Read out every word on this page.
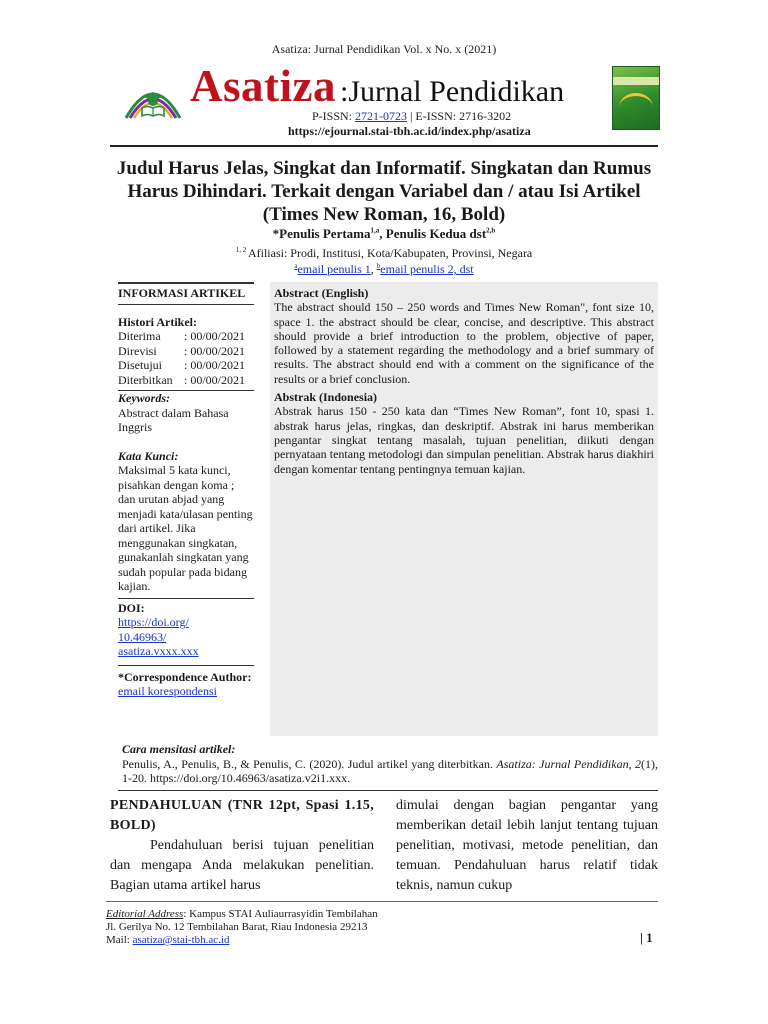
Asatiza: Jurnal Pendidikan Vol. x No. x (2021)
Asatiza :Jurnal Pendidikan
P-ISSN: 2721-0723 | E-ISSN: 2716-3202
https://ejournal.stai-tbh.ac.id/index.php/asatiza
Judul Harus Jelas, Singkat dan Informatif. Singkatan dan Rumus Harus Dihindari. Terkait dengan Variabel dan / atau Isi Artikel (Times New Roman, 16, Bold)
*Penulis Pertama$^{1,a}$, Penulis Kedua dst$^{2,b}$
$^{1, 2}$ Afiliasi: Prodi, Institusi, Kota/Kabupaten, Provinsi, Negara
$^a$email penulis 1, $^b$email penulis 2, dst
INFORMASI ARTIKEL
Histori Artikel:
Diterima	: 00/00/2021
Direvisi	: 00/00/2021
Disetujui	: 00/00/2021
Diterbitkan : 00/00/2021
Keywords:
Abstract dalam Bahasa Inggris
Kata Kunci:
Maksimal 5 kata kunci, pisahkan dengan koma ; dan urutan abjad yang menjadi kata/ulasan penting dari artikel. Jika menggunakan singkatan, gunakanlah singkatan yang sudah popular pada bidang kajian.
DOI:
https://doi.org/
10.46963/
asatiza.vxxx.xxx
*Correspondence Author:
email korespondensi
Abstract (English)
The abstract should 150 – 250 words and Times New Roman", font size 10, space 1. the abstract should be clear, concise, and descriptive. This abstract should provide a brief introduction to the problem, objective of paper, followed by a statement regarding the methodology and a brief summary of results. The abstract should end with a comment on the significance of the results or a brief conclusion.
Abstrak (Indonesia)
Abstrak harus 150 - 250 kata dan “Times New Roman”, font 10, spasi 1. abstrak harus jelas, ringkas, dan deskriptif. Abstrak ini harus memberikan pengantar singkat tentang masalah, tujuan penelitian, diikuti dengan pernyataan tentang metodologi dan simpulan penelitian. Abstrak harus diakhiri dengan komentar tentang pentingnya temuan kajian.
Cara mensitasi artikel:
Penulis, A., Penulis, B., & Penulis, C. (2020). Judul artikel yang diterbitkan. Asatiza: Jurnal Pendidikan, 2(1), 1-20. https://doi.org/10.46963/asatiza.v2i1.xxx.
PENDAHULUAN (TNR 12pt, Spasi 1.15, BOLD)
Pendahuluan berisi tujuan penelitian dan mengapa Anda melakukan penelitian. Bagian utama artikel harus
dimulai dengan bagian pengantar yang memberikan detail lebih lanjut tentang tujuan penelitian, motivasi, metode penelitian, dan temuan. Pendahuluan harus relatif tidak teknis, namun cukup
Editorial Address: Kampus STAI Auliaurrasyidin Tembilahan
Jl. Gerilya No. 12 Tembilahan Barat, Riau Indonesia 29213
Mail: asatiza@stai-tbh.ac.id	| 1
